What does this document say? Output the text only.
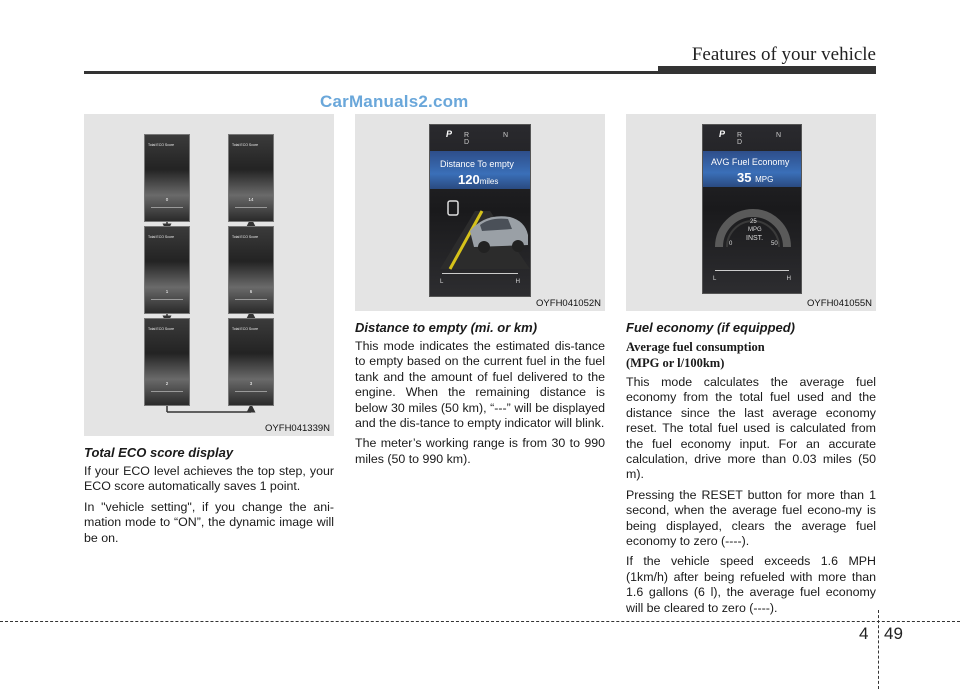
Features of your vehicle
CarManuals2.com
Total ECO Score
0
Total ECO Score
14
Total ECO Score
1
Total ECO Score
6
Total ECO Score
2
Total ECO Score
3
OYFH041339N
Total ECO score display

If your ECO level achieves the top step, your ECO score automatically saves 1 point.

In "vehicle setting", if you change the ani-mation mode to “ON”, the dynamic image will be on.

P R N D
Distance To empty
120miles
L	H
OYFH041052N
Distance to empty (mi. or km)

This mode indicates the estimated dis-tance to empty based on the current fuel in the fuel tank and the amount of fuel delivered to the engine. When the remaining distance is below 30 miles (50 km), “---” will be displayed and the dis-tance to empty indicator will blink.

The meter’s working range is from 30 to 990 miles (50 to 990 km).

P R N D
AVG Fuel Economy
35 MPG
25
MPG
INST.
0	50
L	H
OYFH041055N
Fuel economy (if equipped)
Average fuel consumption
(MPG or l/100km)

This mode calculates the average fuel economy from the total fuel used and the distance since the last average economy reset. The total fuel used is calculated from the fuel economy input. For an accurate calculation, drive more than 0.03 miles (50 m).

Pressing the RESET button for more than 1 second, when the average fuel econo-my is being displayed, clears the average fuel economy to zero (----).

If the vehicle speed exceeds 1.6 MPH (1km/h) after being refueled with more than 1.6 gallons (6 l), the average fuel economy will be cleared to zero (----).

4 49
